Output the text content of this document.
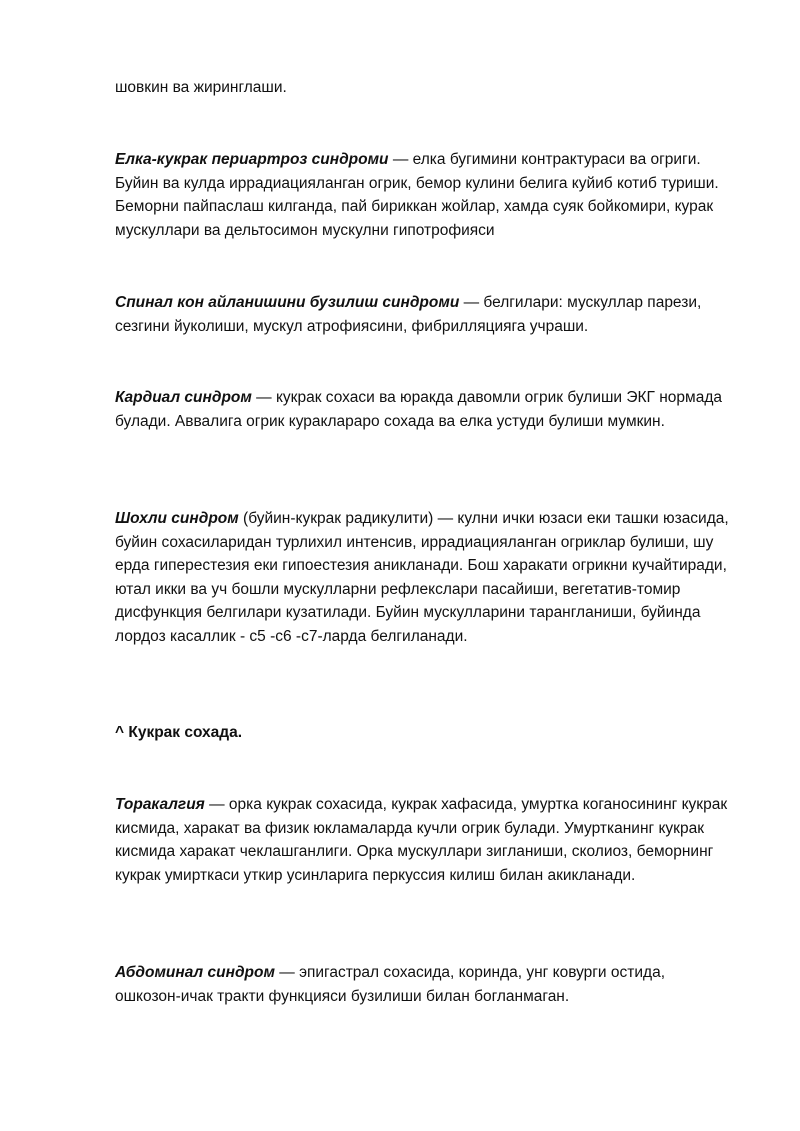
шовкин ва жиринглаши.

Елка-кукрак периартроз синдроми — елка бугимини контрактураси ва огриги. Буйин ва кулда иррадиацияланган огрик, бемор кулини белига куйиб котиб туриши. Беморни пайпаслаш килганда, пай бириккан жойлар, хамда суяк бойкомири, курак мускуллари ва дельтосимон мускулни гипотрофияси

Спинал кон айланишини бузилиш синдроми — белгилари: мускуллар парези, сезгини йуколиши, мускул атрофиясини, фибрилляцияга учраши.

Кардиал синдром — кукрак сохаси ва юракда давомли огрик булиши ЭКГ нормада булади. Аввалига огрик кураклараро сохада ва елка устуди булиши мумкин.

Шохли синдром (буйин-кукрак радикулити) — кулни ички юзаси еки ташки юзасида, буйин сохасиларидан турлихил интенсив, иррадиацияланган огриклар булиши, шу ерда гиперестезия еки гипоестезия аникланади. Бош харакати огрикни кучайтиради, ютал икки ва уч бошли мускулларни рефлекслари пасайиши, вегетатив-томир дисфункция белгилари кузатилади. Буйин мускулларини тарангланиши, буйинда лордоз касаллик - с5 -с6 -с7-ларда белгиланади.

^ Кукрак сохада.

Торакалгия — орка кукрак сохасида, кукрак хафасида, умуртка коганосининг кукрак кисмида, харакат ва физик юкламаларда кучли огрик булади. Умуртканинг кукрак кисмида харакат чеклашганлиги. Орка мускуллари зигланиши, сколиоз, беморнинг кукрак умирткаси уткир усинларига перкуссия килиш билан акикланади.

Абдоминал синдром — эпигастрал сохасида, коринда, унг ковурги остида, ошкозон-ичак тракти функцияси бузилиши билан богланмаган.
